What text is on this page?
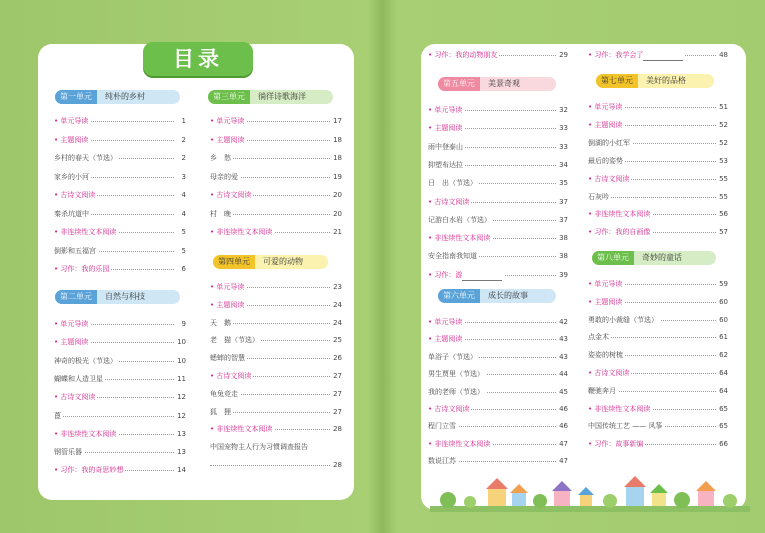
目录
第一单元 纯朴的乡村
第二单元 自然与科技
第三单元 徜徉诗歌海洋
第四单元 可爱的动物
第五单元 美景奇观
第六单元 成长的故事
第七单元 美好的品格
第八单元 奇妙的童话
• 单元导读	1
• 主题阅读	2
乡村的春天（节选）	2
家乡的小河	3
• 古诗文阅读	4
秦杀坑道中	4
• 非连续性文本阅读	5
倒影和五福宫	5
• 习作：我的乐园	6
• 单元导读	9
• 主题阅读	10
神奇的极光（节选）	10
蝴蝶和人造卫星	11
• 古诗文阅读	12
蓖	12
• 非连续性文本阅读	13
钢管乐器	13
• 习作：我的奇思妙想	14
• 单元导读	17
• 主题阅读	18
乡　愁	18
母亲的爱	19
• 古诗文阅读	20
村　晚	20
• 非连续性文本阅读	21
• 单元导读	23
• 主题阅读	24
天　鹅	24
老　猫（节选）	25
蟋蟀的智慧	26
• 古诗文阅读	27
龟兔竞走	27
狐　狸	27
• 非连续性文本阅读	28
中国宠物主人行为习惯调查报告
28
• 习作：我的动物朋友	29
• 单元导读	32
• 主题阅读	33
雨中登泰山	33
抑塑布达拉	34
日　出（节选）	35
• 古诗文阅读	37
记游白水岩（节选）	37
• 非连续性文本阅读	38
安全指南我知道	38
• 习作：游	39
• 单元导读	42
• 主题阅读	43
单浴子（节选）	43
男生贾里（节选）	44
我的老师（节选）	45
• 古诗文阅读	46
程门立雪	46
• 非连续性文本阅读	47
数说江苏	47
• 习作：我学会了	48
• 单元导读	51
• 主题阅读	52
倒湖的小红军	52
最后的姿势	53
• 古诗文阅读	55
石灰吟	55
• 非连续性文本阅读	56
• 习作：我的自画像	57
• 单元导读	59
• 主题阅读	60
勇敢的小裁缝（节选）	60
点金术	61
姿姿的树梳	62
• 古诗文阅读	64
鞭驰奔月	64
• 非连续性文本阅读	65
中国传统工艺 —— 风筝	65
• 习作：故事新编	66
